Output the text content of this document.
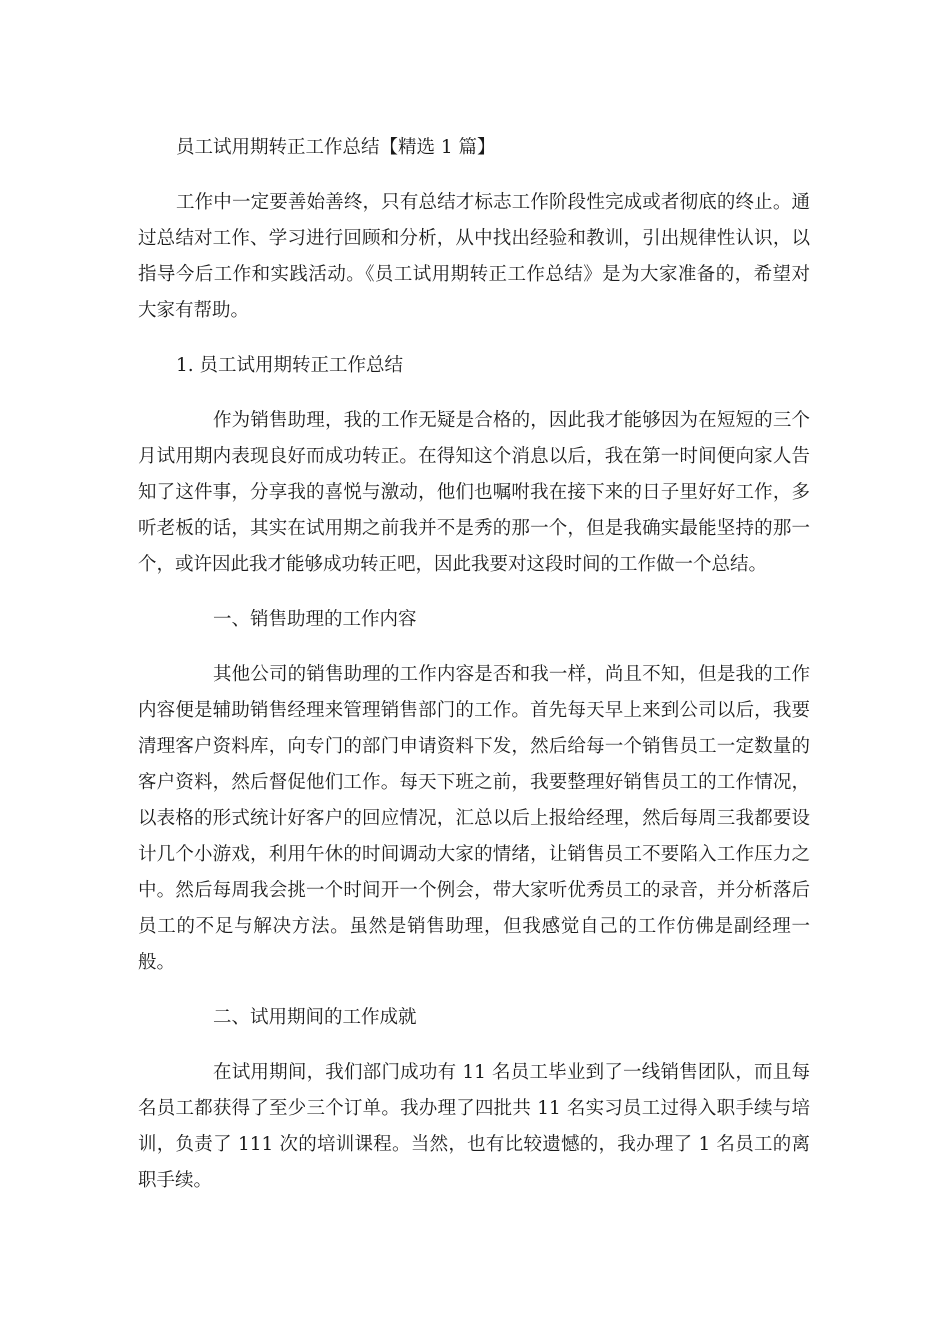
员工试用期转正工作总结【精选 1 篇】

工作中一定要善始善终，只有总结才标志工作阶段性完成或者彻底的终止。通过总结对工作、学习进行回顾和分析，从中找出经验和教训，引出规律性认识，以指导今后工作和实践活动。《员工试用期转正工作总结》是为大家准备的，希望对大家有帮助。

1. 员工试用期转正工作总结

作为销售助理，我的工作无疑是合格的，因此我才能够因为在短短的三个月试用期内表现良好而成功转正。在得知这个消息以后，我在第一时间便向家人告知了这件事，分享我的喜悦与激动，他们也嘱咐我在接下来的日子里好好工作，多听老板的话，其实在试用期之前我并不是秀的那一个，但是我确实最能坚持的那一个，或许因此我才能够成功转正吧，因此我要对这段时间的工作做一个总结。

一、销售助理的工作内容

其他公司的销售助理的工作内容是否和我一样，尚且不知，但是我的工作内容便是辅助销售经理来管理销售部门的工作。首先每天早上来到公司以后，我要清理客户资料库，向专门的部门申请资料下发，然后给每一个销售员工一定数量的客户资料，然后督促他们工作。每天下班之前，我要整理好销售员工的工作情况，以表格的形式统计好客户的回应情况，汇总以后上报给经理，然后每周三我都要设计几个小游戏，利用午休的时间调动大家的情绪，让销售员工不要陷入工作压力之中。然后每周我会挑一个时间开一个例会，带大家听优秀员工的录音，并分析落后员工的不足与解决方法。虽然是销售助理，但我感觉自己的工作仿佛是副经理一般。

二、试用期间的工作成就

在试用期间，我们部门成功有 11 名员工毕业到了一线销售团队，而且每名员工都获得了至少三个订单。我办理了四批共 11 名实习员工过得入职手续与培训，负责了 111 次的培训课程。当然，也有比较遗憾的，我办理了 1 名员工的离职手续。
